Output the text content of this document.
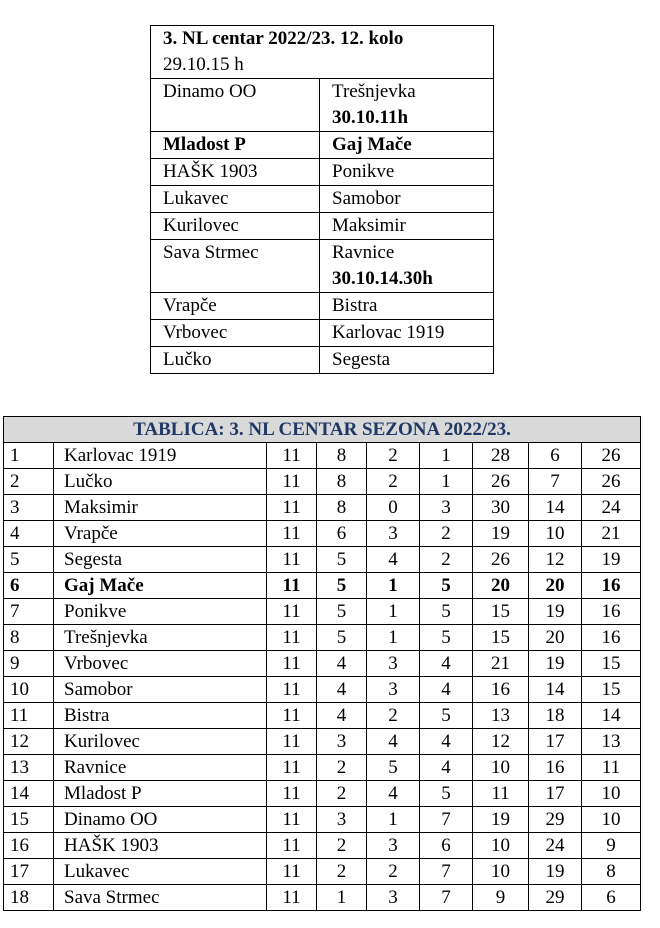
3. NL centar 2022/23. 12. kolo
29.10.15 h	

Dinamo OO	Trešnjevka
30.10.11h

Mladost P	Gaj Mače

HAŠK 1903	Ponikve

Lukavec	Samobor

Kurilovec	Maksimir

Sava Strmec	Ravnice
30.10.14.30h

Vrapče	Bistra

Vrbovec	Karlovac 1919

Lučko	Segesta
TABLICA: 3. NL CENTAR SEZONA 2022/23.								
1	Karlovac 1919	11	8	2	1	28	6	26
2	Lučko	11	8	2	1	26	7	26
3	Maksimir	11	8	0	3	30	14	24
4	Vrapče	11	6	3	2	19	10	21
5	Segesta	11	5	4	2	26	12	19
6	Gaj Mače	11	5	1	5	20	20	16
7	Ponikve	11	5	1	5	15	19	16
8	Trešnjevka	11	5	1	5	15	20	16
9	Vrbovec	11	4	3	4	21	19	15
10	Samobor	11	4	3	4	16	14	15
11	Bistra	11	4	2	5	13	18	14
12	Kurilovec	11	3	4	4	12	17	13
13	Ravnice	11	2	5	4	10	16	11
14	Mladost P	11	2	4	5	11	17	10
15	Dinamo OO	11	3	1	7	19	29	10
16	HAŠK 1903	11	2	3	6	10	24	9
17	Lukavec	11	2	2	7	10	19	8
18	Sava Strmec	11	1	3	7	9	29	6
